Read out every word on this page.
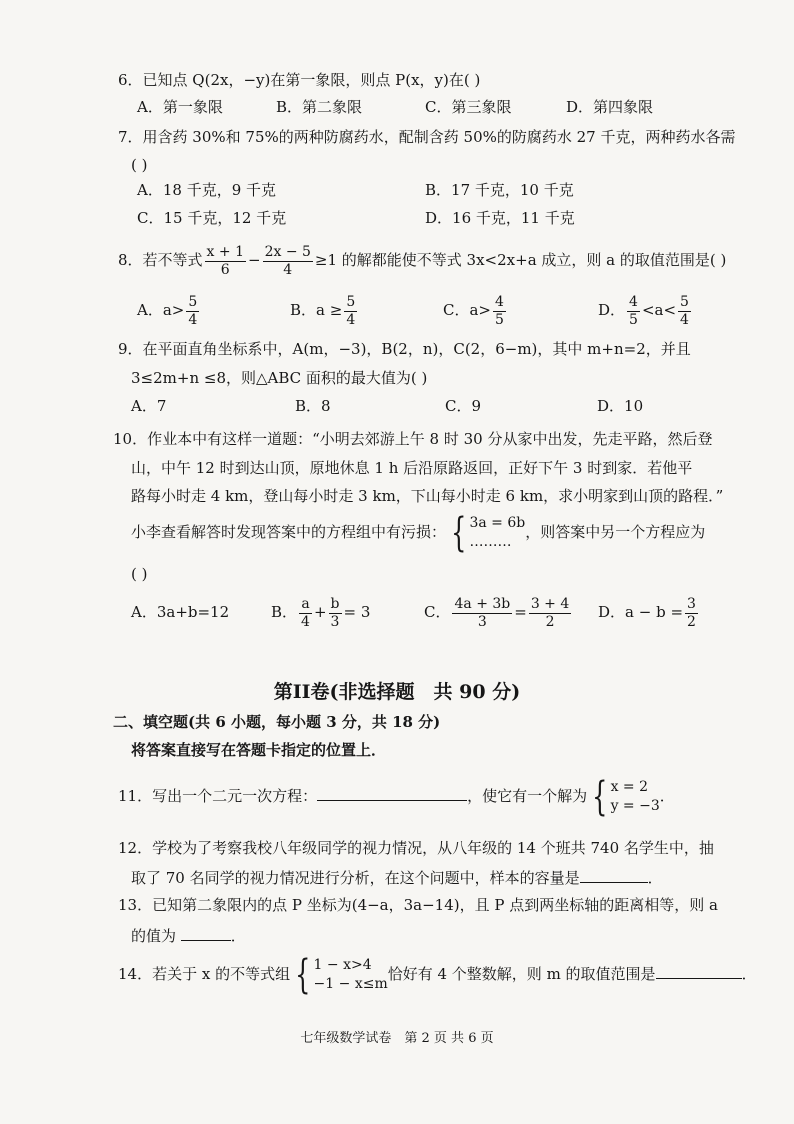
6．已知点 Q(2x，−y)在第一象限，则点 P(x，y)在( )
A．第一象限	B．第二象限	C．第三象限	D．第四象限
7．用含药 30%和 75%的两种防腐药水，配制含药 50%的防腐药水 27 千克，两种药水各需
( )
A．18 千克，9 千克	B．17 千克，10 千克
C．15 千克，12 千克	D．16 千克，11 千克
8．若不等式 $\frac{x + 1}{6} - \frac{2x - 5}{4} \ge 1$ 的解都能使不等式 3x<2x+a 成立，则 a 的取值范围是( )
A．$a> \frac{5}{4}$	B．$a \ge \frac{5}{4}$	C．$a> \frac{4}{5}$	D． $\frac{4}{5} <a< \frac{5}{4}$
9．在平面直角坐标系中，A(m，−3)，B(2，n)，C(2，6−m)，其中 m+n=2，并且
3≤2m+n ≤8，则△ABC 面积的最大值为( )
A．7	B．8	C．9	D．10
10．作业本中有这样一道题：“小明去郊游上午 8 时 30 分从家中出发，先走平路，然后登
山，中午 12 时到达山顶，原地休息 1 h 后沿原路返回，正好下午 3 时到家．若他平
路每小时走 4 km，登山每小时走 3 km，下山每小时走 6 km，求小明家到山顶的路程．”
小李查看解答时发现答案中的方程组中有污损： { 3a = 6b
………
，则答案中另一个方程应为
( )
A．3a+b=12	B． $\frac{a}{4} + \frac{b}{3} = 3$	C． $\frac{4a + 3b}{3} = \frac{3 + 4}{2}$ D．$a - b = \frac{3}{2}$
第II卷(非选择题　共 90 分)
二、填空题(共 6 小题，每小题 3 分，共 18 分)
将答案直接写在答题卡指定的位置上．
11．写出一个二元一次方程：	，使它有一个解为 { x = 2
y = −3
．
12．学校为了考察我校八年级同学的视力情况，从八年级的 14 个班共 740 名学生中，抽
取了 70 名同学的视力情况进行分析，在这个问题中，样本的容量是	．
13．已知第二象限内的点 P 坐标为(4−a，3a−14)，且 P 点到两坐标轴的距离相等，则 a
的值为	．
14．若关于 x 的不等式组 { 1 − x>4
−1 − x≤m
恰好有 4 个整数解，则 m 的取值范围是	．
七年级数学试卷　第 2 页 共 6 页
